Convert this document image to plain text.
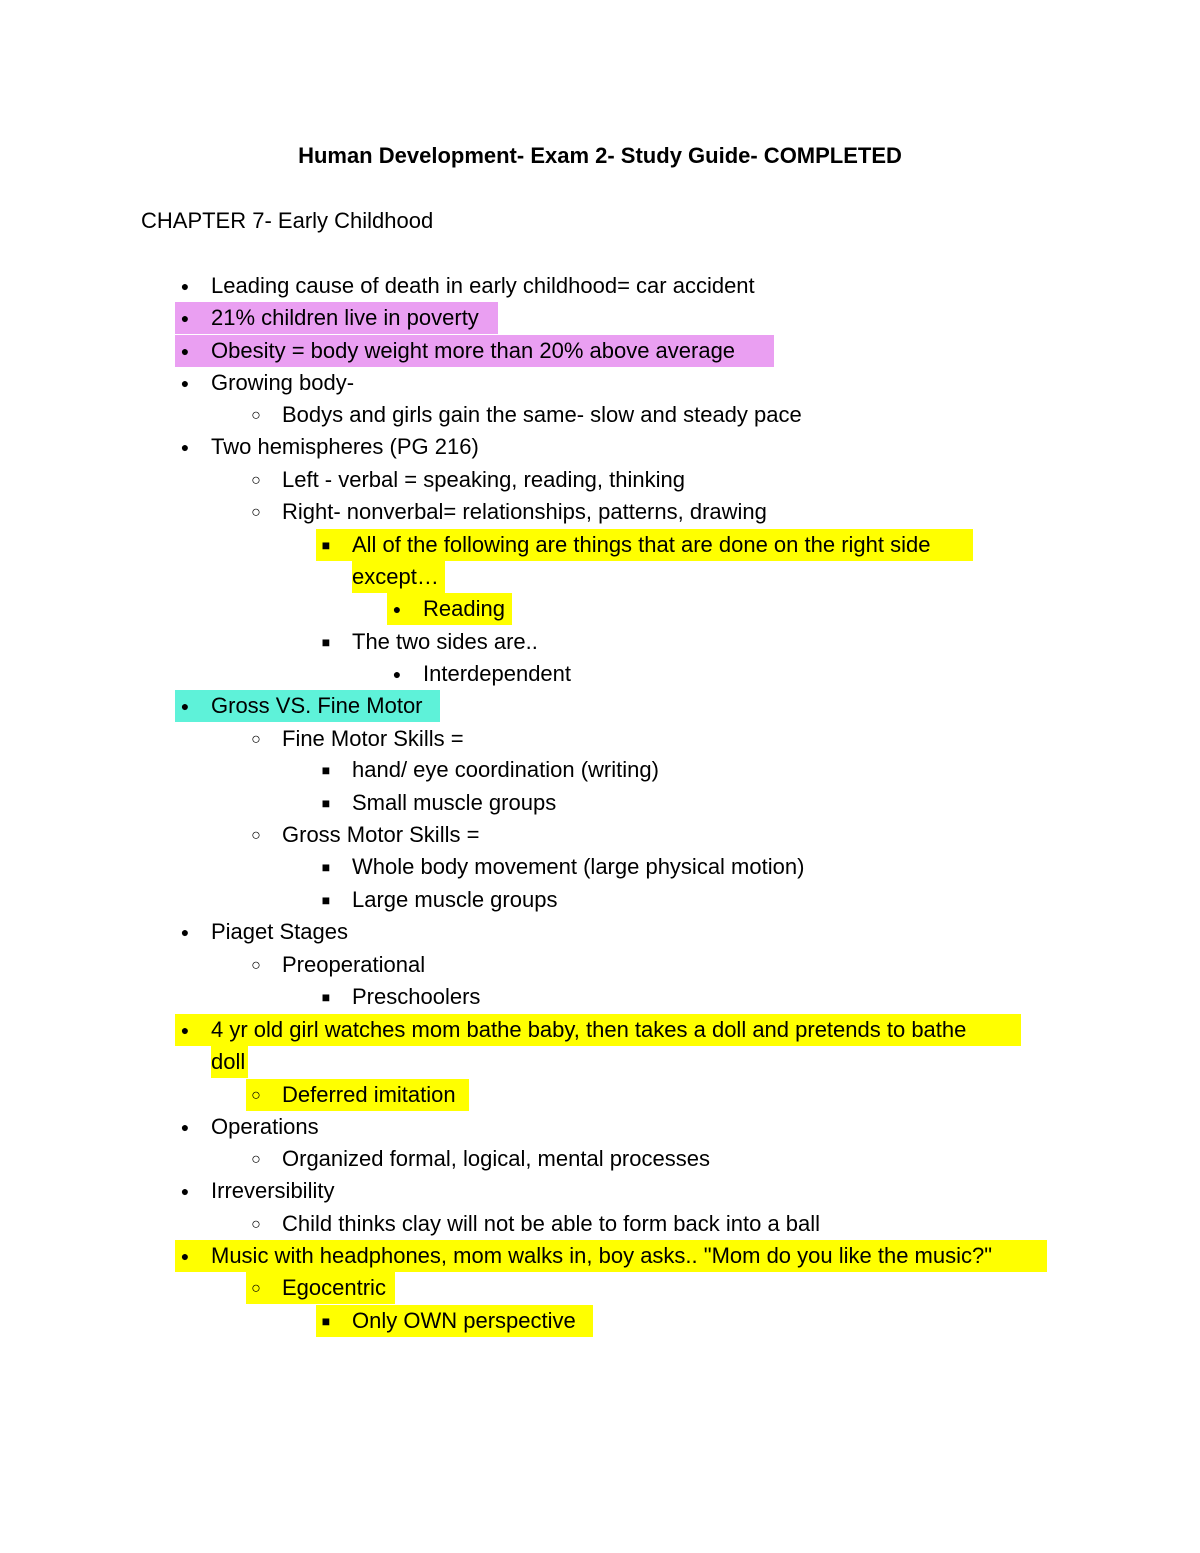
Human Development- Exam 2- Study Guide- COMPLETED
CHAPTER 7- Early Childhood
●
Leading cause of death in early childhood= car accident
●
21% children live in poverty
●
Obesity = body weight more than 20% above average
●
Growing body-
○
Bodys and girls gain the same- slow and steady pace
●
Two hemispheres (PG 216)
○
Left - verbal = speaking, reading, thinking
○
Right- nonverbal= relationships, patterns, drawing
■
All of the following are things that are done on the right side
except…
●
Reading
■
The two sides are..
●
Interdependent
●
Gross VS. Fine Motor
○
Fine Motor Skills =
■
hand/ eye coordination (writing)
■
Small muscle groups
○
Gross Motor Skills =
■
Whole body movement (large physical motion)
■
Large muscle groups
●
Piaget Stages
○
Preoperational
■
Preschoolers
●
4 yr old girl watches mom bathe baby, then takes a doll and pretends to bathe
doll
○
Deferred imitation
●
Operations
○
Organized formal, logical, mental processes
●
Irreversibility
○
Child thinks clay will not be able to form back into a ball
●
Music with headphones, mom walks in, boy asks.. "Mom do you like the music?"
○
Egocentric
■
Only OWN perspective
